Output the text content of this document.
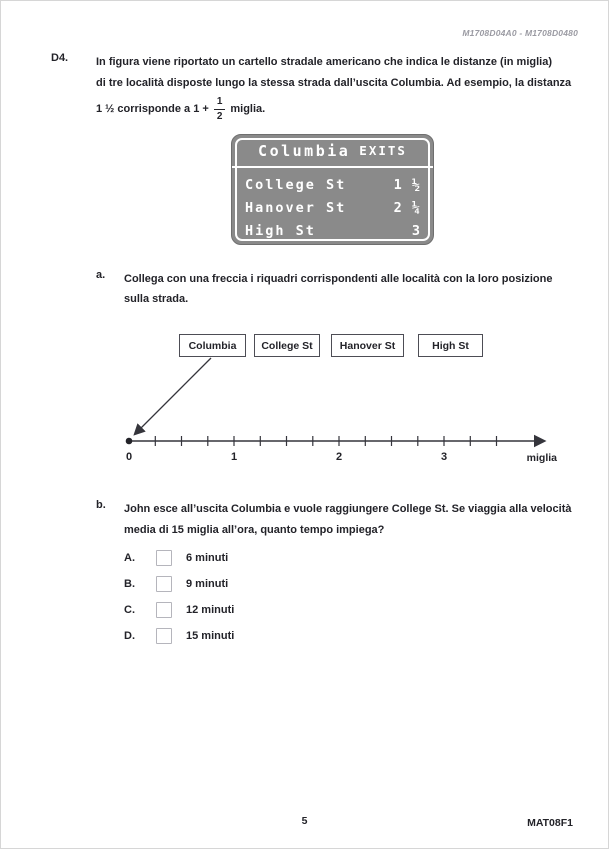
M1708D04A0 - M1708D0480
D4.	In figura viene riportato un cartello stradale americano che indica le distanze (in miglia)
di tre località disposte lungo la stessa strada dall’uscita Columbia. Ad esempio, la distanza
1 ½ corrisponde a $1 + \frac{1}{2}$ miglia.
Columbia EXITS
College St	1 ½
Hanover St	2 ¼
High St	3
a. Collega con una freccia i riquadri corrispondenti alle località con la loro posizione
sulla strada.
Columbia	College St	Hanover St	High St
0	1	2	3	miglia
b. John esce all’uscita Columbia e vuole raggiungere College St. Se viaggia alla velocità
media di 15 miglia all’ora, quanto tempo impiega?
A.	6 minuti
B.	9 minuti
C.	12 minuti
D.	15 minuti
5	MAT08F1
